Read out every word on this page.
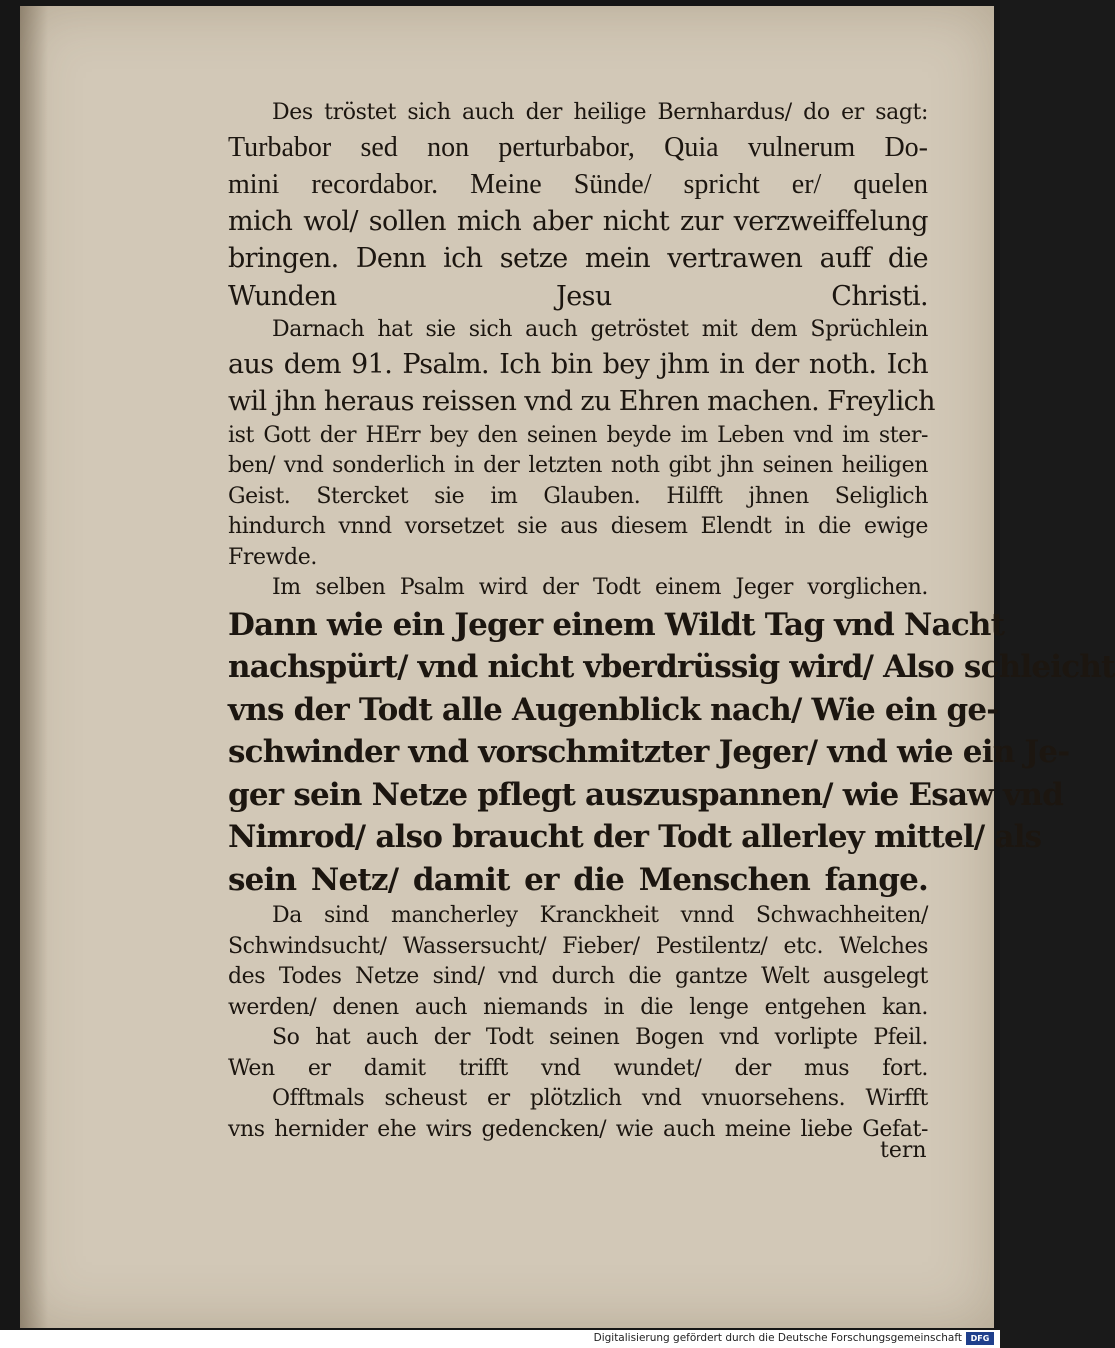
Des tröstet sich auch der heilige Bernhardus/ do er sagt:
Turbabor sed non perturbabor, Quia vulnerum Do-
mini recordabor. Meine Sünde/ spricht er/ quelen
mich wol/ sollen mich aber nicht zur verzweiffelung
bringen. Denn ich setze mein vertrawen auff die
Wunden Jesu Christi.
Darnach hat sie sich auch getröstet mit dem Sprüchlein
aus dem 91. Psalm. Ich bin bey jhm in der noth. Ich
wil jhn heraus reissen vnd zu Ehren machen. Freylich
ist Gott der HErr bey den seinen beyde im Leben vnd im ster-
ben/ vnd sonderlich in der letzten noth gibt jhn seinen heiligen
Geist. Stercket sie im Glauben. Hilfft jhnen Seliglich
hindurch vnnd vorsetzet sie aus diesem Elendt in die ewige
Frewde.
Im selben Psalm wird der Todt einem Jeger vorglichen.
Dann wie ein Jeger einem Wildt Tag vnd Nacht
nachspürt/ vnd nicht vberdrüssig wird/ Also schleicht
vns der Todt alle Augenblick nach/ Wie ein ge-
schwinder vnd vorschmitzter Jeger/ vnd wie ein Je-
ger sein Netze pflegt auszuspannen/ wie Esaw vnd
Nimrod/ also braucht der Todt allerley mittel/ als
sein Netz/ damit er die Menschen fange.
Da sind mancherley Kranckheit vnnd Schwachheiten/
Schwindsucht/ Wassersucht/ Fieber/ Pestilentz/ etc. Welches
des Todes Netze sind/ vnd durch die gantze Welt ausgelegt
werden/ denen auch niemands in die lenge entgehen kan.
So hat auch der Todt seinen Bogen vnd vorlipte Pfeil.
Wen er damit trifft vnd wundet/ der mus fort.
Offtmals scheust er plötzlich vnd vnuorsehens. Wirfft
vns hernider ehe wirs gedencken/ wie auch meine liebe Gefat-
tern
Digitalisierung gefördert durch die Deutsche Forschungsgemeinschaft	DFG
